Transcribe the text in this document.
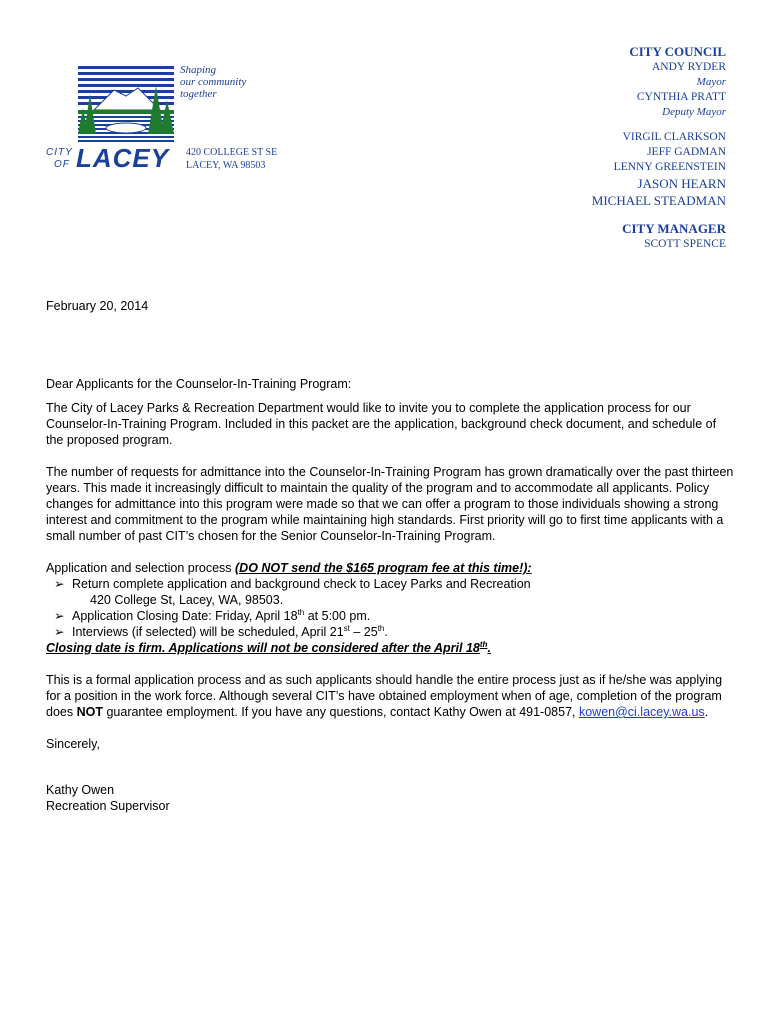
Shaping
our community
together
CITY
OF LACEY 420 COLLEGE ST SE
LACEY, WA 98503
CITY COUNCIL
ANDY RYDER
Mayor
CYNTHIA PRATT
Deputy Mayor
VIRGIL CLARKSON
JEFF GADMAN
LENNY GREENSTEIN
JASON HEARN
MICHAEL STEADMAN
CITY MANAGER
SCOTT SPENCE

February 20, 2014

Dear Applicants for the Counselor-In-Training Program:

The City of Lacey Parks & Recreation Department would like to invite you to complete the application process for our Counselor-In-Training Program. Included in this packet are the application, background check document, and schedule of the proposed program.

The number of requests for admittance into the Counselor-In-Training Program has grown dramatically over the past thirteen years. This made it increasingly difficult to maintain the quality of the program and to accommodate all applicants. Policy changes for admittance into this program were made so that we can offer a program to those individuals showing a strong interest and commitment to the program while maintaining high standards. First priority will go to first time applicants with a small number of past CIT’s chosen for the Senior Counselor-In-Training Program.

Application and selection process (DO NOT send the $165 program fee at this time!):

➢ Return complete application and background check to Lacey Parks and Recreation

420 College St, Lacey, WA, 98503.

➢ Application Closing Date: Friday, April 18th at 5:00 pm.

➢ Interviews (if selected) will be scheduled, April 21st – 25th.

Closing date is firm. Applications will not be considered after the April 18th.

This is a formal application process and as such applicants should handle the entire process just as if he/she was applying for a position in the work force. Although several CIT’s have obtained employment when of age, completion of the program does NOT guarantee employment. If you have any questions, contact Kathy Owen at 491-0857, kowen@ci.lacey.wa.us.

Sincerely,

Kathy Owen

Recreation Supervisor
